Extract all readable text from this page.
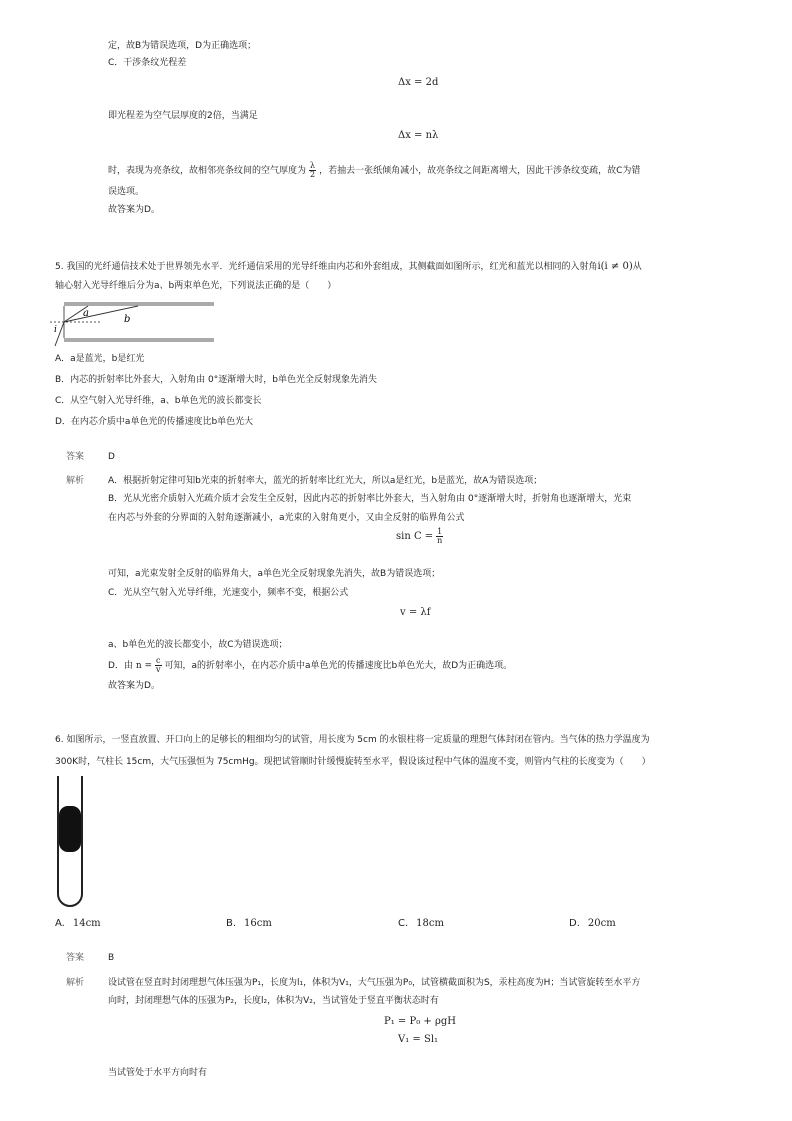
定，故B为错误选项，D为正确选项；
C．干涉条纹光程差
Δx = 2d
即光程差为空气层厚度的2倍，当满足
Δx = nλ
时，表现为亮条纹，故相邻亮条纹间的空气厚度为 $\frac{\lambda}{2}$ ，若抽去一张纸倾角减小，故亮条纹之间距离增大，因此干涉条纹变疏，故C为错
误选项。
故答案为D。
5. 我国的光纤通信技术处于世界领先水平．光纤通信采用的光导纤维由内芯和外套组成，其侧截面如图所示，红光和蓝光以相同的入射角i(i ≠ 0)从
轴心射入光导纤维后分为a、b两束单色光，下列说法正确的是（　　）
a
b
i
A．a是蓝光，b是红光
B．内芯的折射率比外套大，入射角由 0°逐渐增大时，b单色光全反射现象先消失
C．从空气射入光导纤维，a、b单色光的波长都变长
D．在内芯介质中a单色光的传播速度比b单色光大
答案	D
解析	A．根据折射定律可知b光束的折射率大，蓝光的折射率比红光大，所以a是红光，b是蓝光，故A为错误选项；
B．光从光密介质射入光疏介质才会发生全反射，因此内芯的折射率比外套大，当入射角由 0°逐渐增大时，折射角也逐渐增大，光束
在内芯与外套的分界面的入射角逐渐减小，a光束的入射角更小，又由全反射的临界角公式
$\sin C = \frac{1}{n}$
可知，a光束发射全反射的临界角大，a单色光全反射现象先消失，故B为错误选项；
C．光从空气射入光导纤维，光速变小，频率不变，根据公式
v = λf
a、b单色光的波长都变小，故C为错误选项；
D．由 $n = \frac{c}{v}$ 可知，a的折射率小，在内芯介质中a单色光的传播速度比b单色光大，故D为正确选项。
故答案为D。
6. 如图所示，一竖直放置、开口向上的足够长的粗细均匀的试管，用长度为 5cm 的水银柱将一定质量的理想气体封闭在管内。当气体的热力学温度为
300K时，气柱长 15cm，大气压强恒为 75cmHg。现把试管顺时针缓慢旋转至水平，假设该过程中气体的温度不变，则管内气柱的长度变为（　　）
A. 14cm	B. 16cm	C. 18cm	D. 20cm
答案	B
解析	设试管在竖直时封闭理想气体压强为P₁，长度为l₁，体积为V₁，大气压强为P₀，试管横截面积为S，汞柱高度为H；当试管旋转至水平方
向时，封闭理想气体的压强为P₂，长度l₂，体积为V₂，当试管处于竖直平衡状态时有
P₁ = P₀ + ρgH
V₁ = Sl₁
当试管处于水平方向时有
